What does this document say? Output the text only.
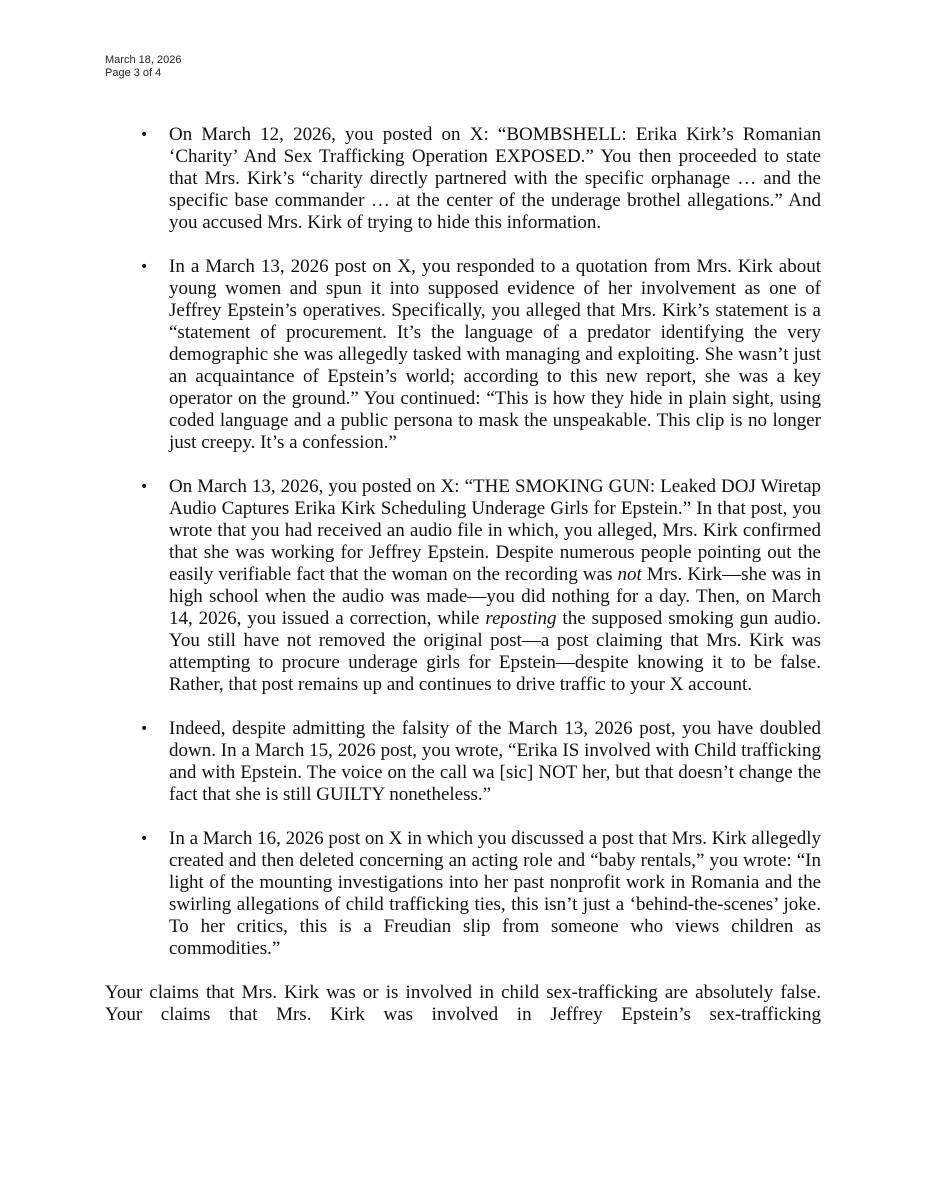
March 18, 2026
Page 3 of 4
• On March 12, 2026, you posted on X: “BOMBSHELL: Erika Kirk’s Romanian ‘Charity’ And Sex Trafficking Operation EXPOSED.” You then proceeded to state that Mrs. Kirk’s “charity directly partnered with the specific orphanage … and the specific base commander … at the center of the underage brothel allegations.” And you accused Mrs. Kirk of trying to hide this information.
• In a March 13, 2026 post on X, you responded to a quotation from Mrs. Kirk about young women and spun it into supposed evidence of her involvement as one of Jeffrey Epstein’s operatives. Specifically, you alleged that Mrs. Kirk’s statement is a “statement of procurement. It’s the language of a predator identifying the very demographic she was allegedly tasked with managing and exploiting. She wasn’t just an acquaintance of Epstein’s world; according to this new report, she was a key operator on the ground.” You continued: “This is how they hide in plain sight, using coded language and a public persona to mask the unspeakable. This clip is no longer just creepy. It’s a confession.”
• On March 13, 2026, you posted on X: “THE SMOKING GUN: Leaked DOJ Wiretap Audio Captures Erika Kirk Scheduling Underage Girls for Epstein.” In that post, you wrote that you had received an audio file in which, you alleged, Mrs. Kirk confirmed that she was working for Jeffrey Epstein. Despite numerous people pointing out the easily verifiable fact that the woman on the recording was not Mrs. Kirk—she was in high school when the audio was made—you did nothing for a day. Then, on March 14, 2026, you issued a correction, while reposting the supposed smoking gun audio. You still have not removed the original post—a post claiming that Mrs. Kirk was attempting to procure underage girls for Epstein—despite knowing it to be false. Rather, that post remains up and continues to drive traffic to your X account.
• Indeed, despite admitting the falsity of the March 13, 2026 post, you have doubled down. In a March 15, 2026 post, you wrote, “Erika IS involved with Child trafficking and with Epstein. The voice on the call wa [sic] NOT her, but that doesn’t change the fact that she is still GUILTY nonetheless.”
• In a March 16, 2026 post on X in which you discussed a post that Mrs. Kirk allegedly created and then deleted concerning an acting role and “baby rentals,” you wrote: “In light of the mounting investigations into her past nonprofit work in Romania and the swirling allegations of child trafficking ties, this isn’t just a ‘behind-the-scenes’ joke. To her critics, this is a Freudian slip from someone who views children as commodities.”

Your claims that Mrs. Kirk was or is involved in child sex-trafficking are absolutely false. Your claims that Mrs. Kirk was involved in Jeffrey Epstein’s sex-trafficking
